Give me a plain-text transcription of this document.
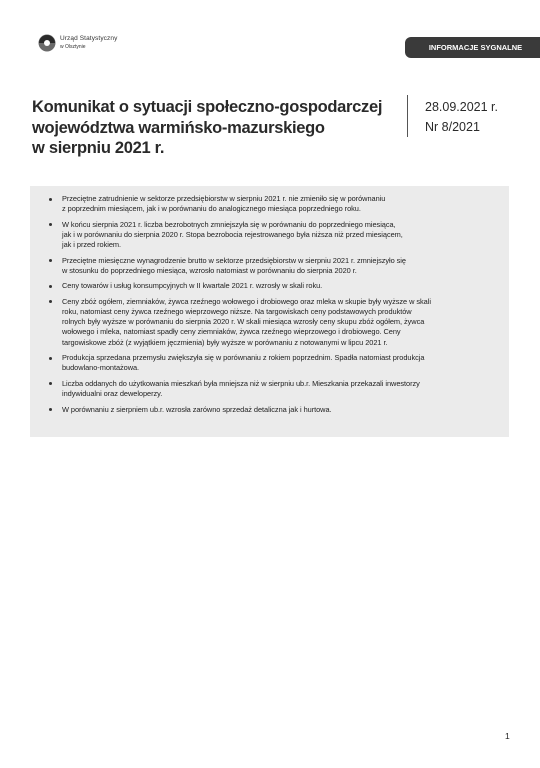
Urząd Statystyczny
w Olsztynie	INFORMACJE SYGNALNE
Komunikat o sytuacji społeczno-gospodarczej
województwa warmińsko-mazurskiego
w sierpniu 2021 r.
28.09.2021 r.
Nr 8/2021
Przeciętne zatrudnienie w sektorze przedsiębiorstw w sierpniu 2021 r. nie zmieniło się w porównaniu
z poprzednim miesiącem, jak i w porównaniu do analogicznego miesiąca poprzedniego roku.
W końcu sierpnia 2021 r. liczba bezrobotnych zmniejszyła się w porównaniu do poprzedniego miesiąca,
jak i w porównaniu do sierpnia 2020 r. Stopa bezrobocia rejestrowanego była niższa niż przed miesiącem,
jak i przed rokiem.
Przeciętne miesięczne wynagrodzenie brutto w sektorze przedsiębiorstw w sierpniu 2021 r. zmniejszyło się
w stosunku do poprzedniego miesiąca, wzrosło natomiast w porównaniu do sierpnia 2020 r.
Ceny towarów i usług konsumpcyjnych w II kwartale 2021 r. wzrosły w skali roku.
Ceny zbóż ogółem, ziemniaków, żywca rzeźnego wołowego i drobiowego oraz mleka w skupie były wyższe w skali
roku, natomiast ceny żywca rzeźnego wieprzowego niższe. Na targowiskach ceny podstawowych produktów
rolnych były wyższe w porównaniu do sierpnia 2020 r. W skali miesiąca wzrosły ceny skupu zbóż ogółem, żywca
wołowego i mleka, natomiast spadły ceny ziemniaków, żywca rzeźnego wieprzowego i drobiowego. Ceny
targowiskowe zbóż (z wyjątkiem jęczmienia) były wyższe w porównaniu z notowanymi w lipcu 2021 r.
Produkcja sprzedana przemysłu zwiększyła się w porównaniu z rokiem poprzednim. Spadła natomiast produkcja
budowlano-montażowa.
Liczba oddanych do użytkowania mieszkań była mniejsza niż w sierpniu ub.r. Mieszkania przekazali inwestorzy
indywidualni oraz deweloperzy.
W porównaniu z sierpniem ub.r. wzrosła zarówno sprzedaż detaliczna jak i hurtowa.
1
